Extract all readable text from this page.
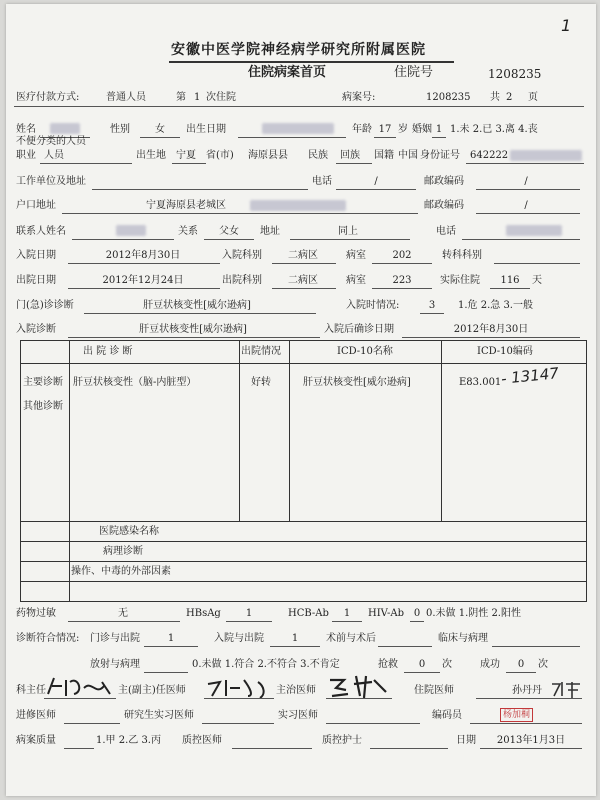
1
安徽中医学院神经病学研究所附属医院
住院病案首页	住院号	1208235
医疗付款方式:	普通人员	第 1 次住院	病案号:	1208235 共 2 页
姓名	性别	女	出生日期	年龄 17 岁 婚姻 1 1.未 2.已 3.离 4.丧
不便分类的人员
职业 人员	出生地 宁夏 省(市) 海原县县 民族 回族 国籍 中国 身份证号 642222
工作单位及地址	电话	/	邮政编码	/
户口地址	宁夏海原县老城区	邮政编码	/
联系人姓名	关系	父女	地址	同上	电话
入院日期	2012年8月30日	入院科别	二病区	病室	202	转科科别
出院日期	2012年12月24日	出院科别	二病区	病室	223	实际住院	116	天
门(急)诊诊断	肝豆状核变性[威尔逊病]	入院时情况:	3	1.危 2.急 3.一般
入院诊断	肝豆状核变性[威尔逊病]	入院后确诊日期	2012年8月30日
出 院 诊 断	出院情况	ICD-10名称	ICD-10编码
主要诊断 肝豆状核变性（脑-内脏型）	好转	肝豆状核变性[威尔逊病]	E83.001
- 13147
其他诊断
医院感染名称
病理诊断
操作、中毒的外部因素
药物过敏	无	HBsAg	1	HCB-Ab	1	HIV-Ab 0 0.未做 1.阴性 2.阳性
诊断符合情况: 门诊与出院	1	入院与出院	1	术前与术后	临床与病理
放射与病理	0.未做 1.符合 2.不符合 3.不肯定	抢救	0	次	成功	0	次
科主任	主(副主)任医师	主治医师	住院医师	孙丹丹
进修医师	研究生实习医师	实习医师	编码员	杨加桐
病案质量	1.甲 2.乙 3.丙 质控医师	质控护士	日期	2013年1月3日
